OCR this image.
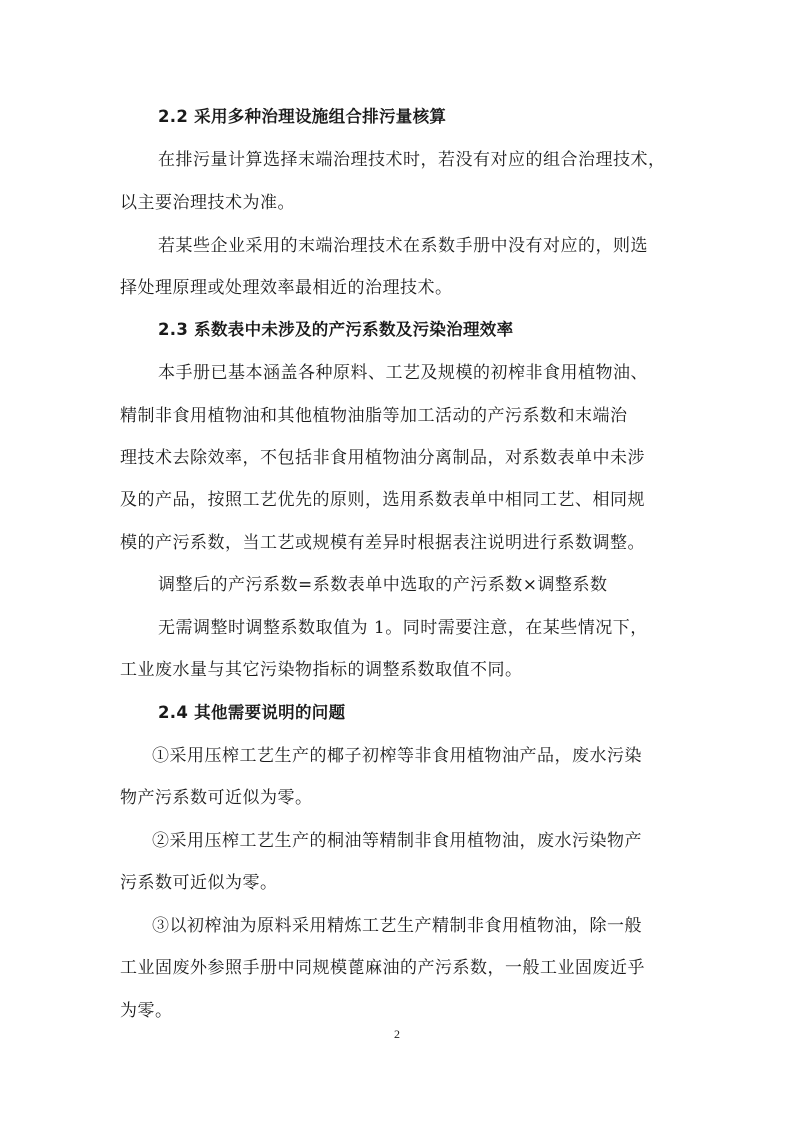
2.2 采用多种治理设施组合排污量核算
在排污量计算选择末端治理技术时，若没有对应的组合治理技术，
以主要治理技术为准。
若某些企业采用的末端治理技术在系数手册中没有对应的，则选
择处理原理或处理效率最相近的治理技术。
2.3 系数表中未涉及的产污系数及污染治理效率
本手册已基本涵盖各种原料、工艺及规模的初榨非食用植物油、
精制非食用植物油和其他植物油脂等加工活动的产污系数和末端治
理技术去除效率，不包括非食用植物油分离制品，对系数表单中未涉
及的产品，按照工艺优先的原则，选用系数表单中相同工艺、相同规
模的产污系数，当工艺或规模有差异时根据表注说明进行系数调整。
调整后的产污系数=系数表单中选取的产污系数×调整系数
无需调整时调整系数取值为 1。同时需要注意，在某些情况下，
工业废水量与其它污染物指标的调整系数取值不同。
2.4 其他需要说明的问题
①采用压榨工艺生产的椰子初榨等非食用植物油产品，废水污染
物产污系数可近似为零。
②采用压榨工艺生产的桐油等精制非食用植物油，废水污染物产
污系数可近似为零。
③以初榨油为原料采用精炼工艺生产精制非食用植物油，除一般
工业固废外参照手册中同规模蓖麻油的产污系数，一般工业固废近乎
为零。
2
